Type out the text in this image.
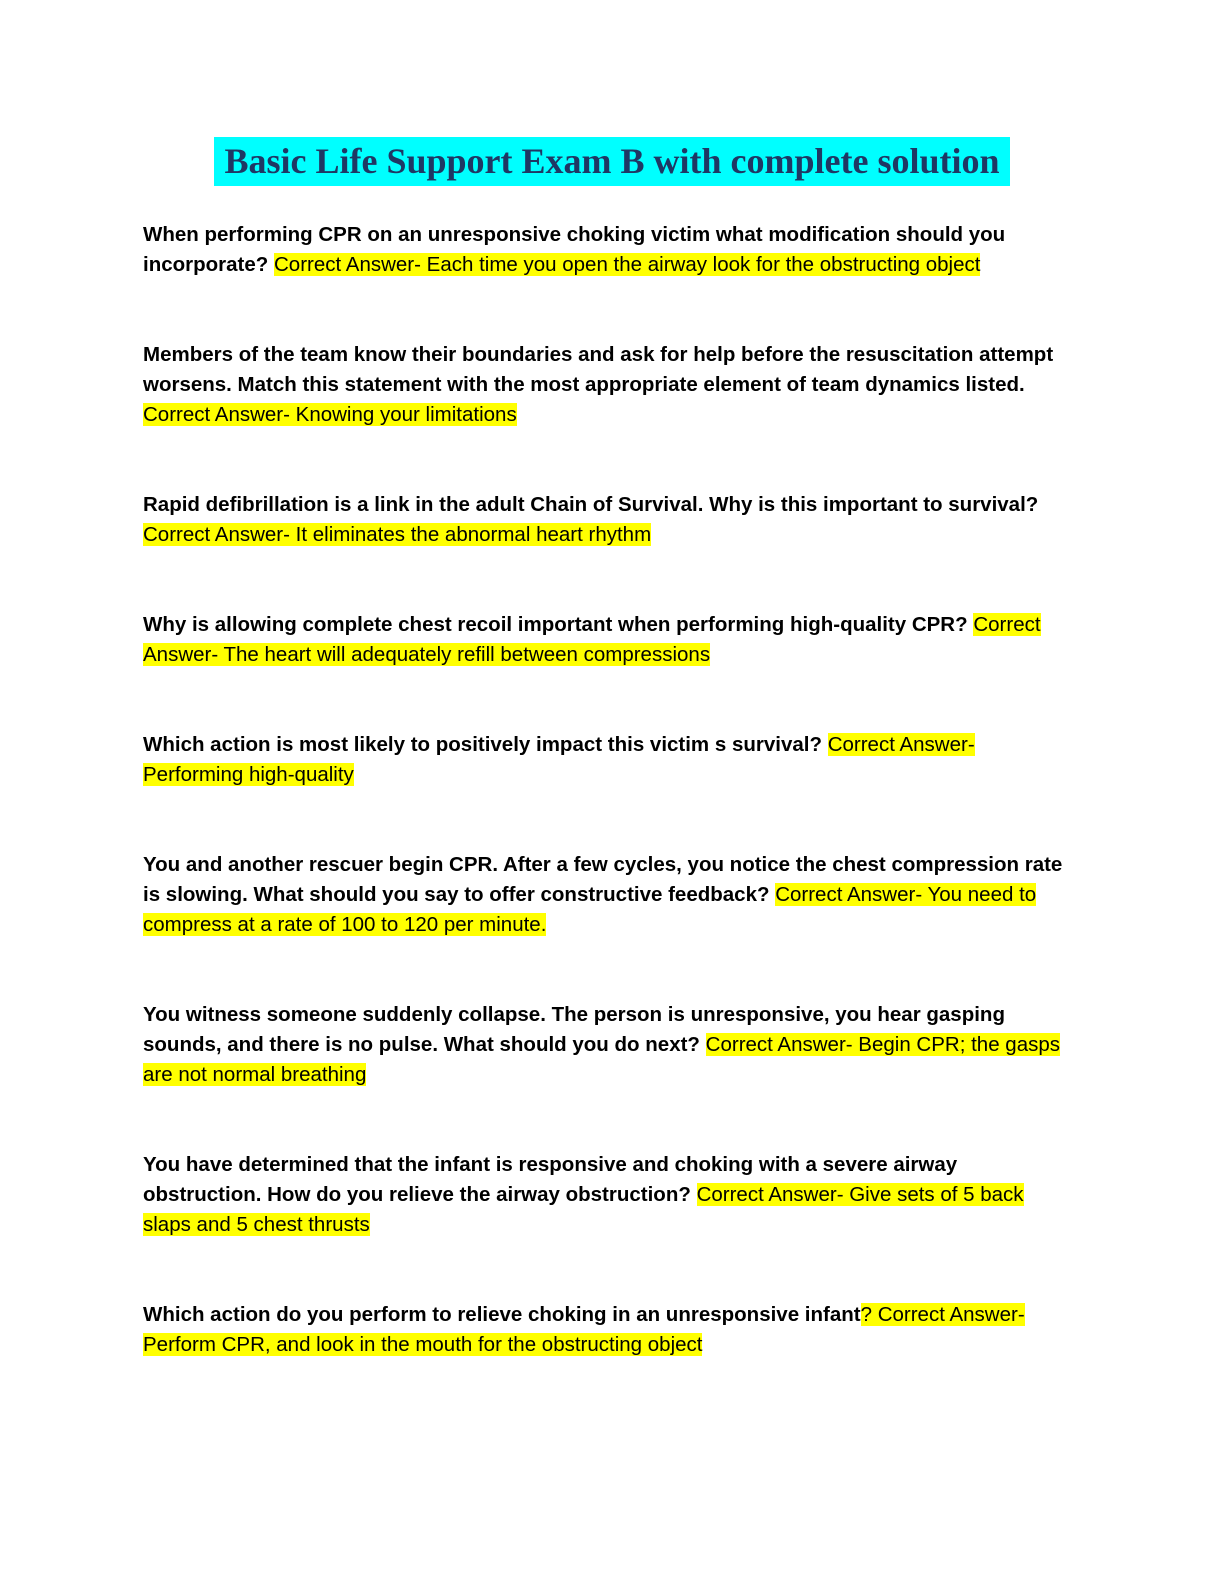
Basic Life Support Exam B with complete solution

When performing CPR on an unresponsive choking victim what modification should you incorporate? Correct Answer- Each time you open the airway look for the obstructing object

Members of the team know their boundaries and ask for help before the resuscitation attempt worsens. Match this statement with the most appropriate element of team dynamics listed. Correct Answer- Knowing your limitations

Rapid defibrillation is a link in the adult Chain of Survival. Why is this important to survival? Correct Answer- It eliminates the abnormal heart rhythm

Why is allowing complete chest recoil important when performing high-quality CPR? Correct Answer- The heart will adequately refill between compressions

Which action is most likely to positively impact this victim s survival? Correct Answer- Performing high-quality

You and another rescuer begin CPR. After a few cycles, you notice the chest compression rate is slowing. What should you say to offer constructive feedback? Correct Answer- You need to compress at a rate of 100 to 120 per minute.

You witness someone suddenly collapse. The person is unresponsive, you hear gasping sounds, and there is no pulse. What should you do next? Correct Answer- Begin CPR; the gasps are not normal breathing

You have determined that the infant is responsive and choking with a severe airway obstruction. How do you relieve the airway obstruction? Correct Answer- Give sets of 5 back slaps and 5 chest thrusts

Which action do you perform to relieve choking in an unresponsive infant? Correct Answer- Perform CPR, and look in the mouth for the obstructing object
